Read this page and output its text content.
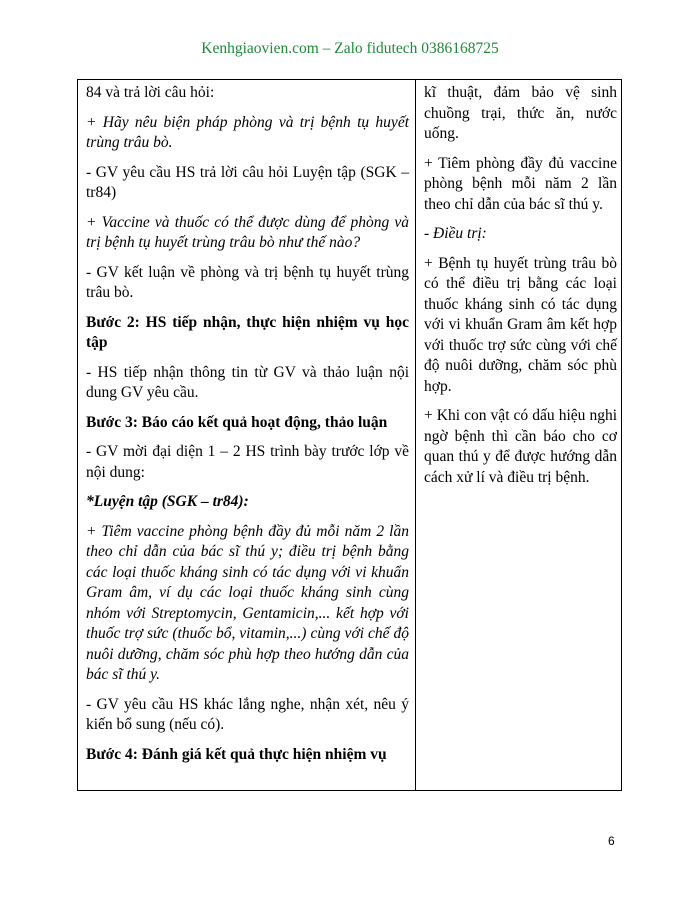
Kenhgiaovien.com – Zalo fidutech 0386168725

84 và trả lời câu hỏi:

+ Hãy nêu biện pháp phòng và trị bệnh tụ huyết trùng trâu bò.

- GV yêu cầu HS trả lời câu hỏi Luyện tập (SGK – tr84)

+ Vaccine và thuốc có thể được dùng để phòng và trị bệnh tụ huyết trùng trâu bò như thế nào?

- GV kết luận về phòng và trị bệnh tụ huyết trùng trâu bò.

Bước 2: HS tiếp nhận, thực hiện nhiệm vụ học tập

- HS tiếp nhận thông tin từ GV và thảo luận nội dung GV yêu cầu.

Bước 3: Báo cáo kết quả hoạt động, thảo luận

- GV mời đại diện 1 – 2 HS trình bày trước lớp về nội dung:

*Luyện tập (SGK – tr84):

+ Tiêm vaccine phòng bệnh đầy đủ mỗi năm 2 lần theo chỉ dẫn của bác sĩ thú y; điều trị bệnh bằng các loại thuốc kháng sinh có tác dụng với vi khuẩn Gram âm, ví dụ các loại thuốc kháng sinh cùng nhóm với Streptomycin, Gentamicin,... kết hợp với thuốc trợ sức (thuốc bổ, vitamin,...) cùng với chế độ nuôi dưỡng, chăm sóc phù hợp theo hướng dẫn của bác sĩ thú y.

- GV yêu cầu HS khác lắng nghe, nhận xét, nêu ý kiến bổ sung (nếu có).

Bước 4: Đánh giá kết quả thực hiện nhiệm vụ

kĩ thuật, đảm bảo vệ sinh chuồng trại, thức ăn, nước uống.

+ Tiêm phòng đầy đủ vaccine phòng bệnh mỗi năm 2 lần theo chỉ dẫn của bác sĩ thú y.

- Điều trị:

+ Bệnh tụ huyết trùng trâu bò có thể điều trị bằng các loại thuốc kháng sinh có tác dụng với vi khuẩn Gram âm kết hợp với thuốc trợ sức cùng với chế độ nuôi dưỡng, chăm sóc phù hợp.

+ Khi con vật có dấu hiệu nghi ngờ bệnh thì cần báo cho cơ quan thú y để được hướng dẫn cách xử lí và điều trị bệnh.

6
